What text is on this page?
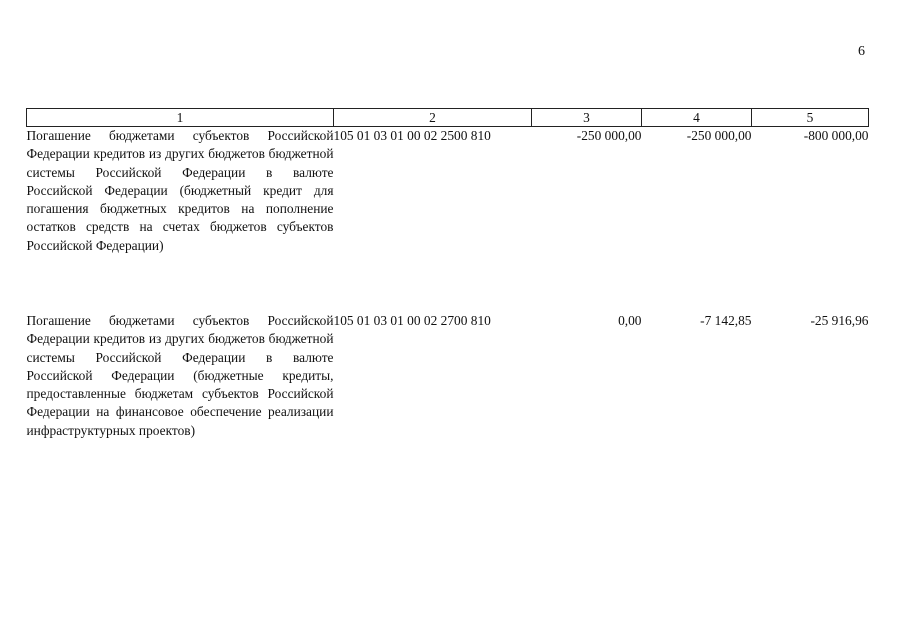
6
1	2	3	4	5
Погашение бюджетами субъектов Российской Федерации кредитов из других бюджетов бюджетной системы Российской Федерации в валюте Российской Федерации (бюджетный кредит для погашения бюджетных кредитов на пополнение остатков средств на счетах бюджетов субъектов Российской Федерации)	105 01 03 01 00 02 2500 810	-250 000,00	-250 000,00	-800 000,00
Погашение бюджетами субъектов Российской Федерации кредитов из других бюджетов бюджетной системы Российской Федерации в валюте Российской Федерации (бюджетные кредиты, предоставленные бюджетам субъектов Российской Федерации на финансовое обеспечение реализации инфраструктурных проектов)	105 01 03 01 00 02 2700 810	0,00	-7 142,85	-25 916,96
